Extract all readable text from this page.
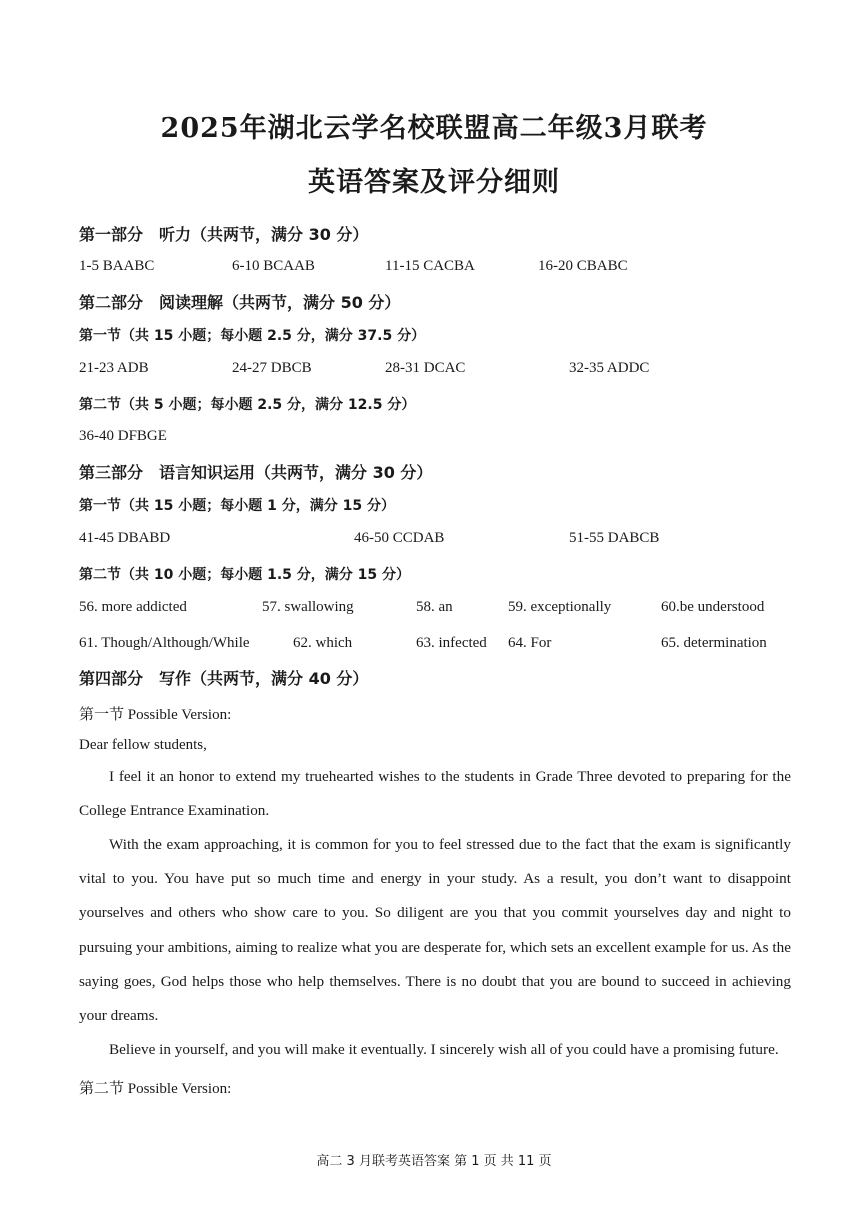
2025年湖北云学名校联盟高二年级3月联考
英语答案及评分细则
第一部分　听力（共两节，满分 30 分）
1-5 BAABC	6-10 BCAAB	11-15 CACBA	16-20 CBABC
第二部分　阅读理解（共两节，满分 50 分）
第一节（共 15 小题；每小题 2.5 分，满分 37.5 分）
21-23 ADB	24-27 DBCB	28-31 DCAC	32-35 ADDC
第二节（共 5 小题；每小题 2.5 分，满分 12.5 分）
36-40 DFBGE
第三部分　语言知识运用（共两节，满分 30 分）
第一节（共 15 小题；每小题 1 分，满分 15 分）
41-45 DBABD	46-50 CCDAB	51-55 DABCB
第二节（共 10 小题；每小题 1.5 分，满分 15 分）
56. more addicted	57. swallowing	58. an	59. exceptionally	60.be understood
61. Though/Although/While	62. which	63. infected 64. For	65. determination
第四部分　写作（共两节，满分 40 分）
第一节 Possible Version:
Dear fellow students,
I feel it an honor to extend my truehearted wishes to the students in Grade Three devoted to preparing for the College Entrance Examination.
With the exam approaching, it is common for you to feel stressed due to the fact that the exam is significantly vital to you. You have put so much time and energy in your study. As a result, you don’t want to disappoint yourselves and others who show care to you. So diligent are you that you commit yourselves day and night to pursuing your ambitions, aiming to realize what you are desperate for, which sets an excellent example for us. As the saying goes, God helps those who help themselves. There is no doubt that you are bound to succeed in achieving your dreams.
Believe in yourself, and you will make it eventually. I sincerely wish all of you could have a promising future.
第二节 Possible Version:
高二 3 月联考英语答案 第 1 页 共 11 页
